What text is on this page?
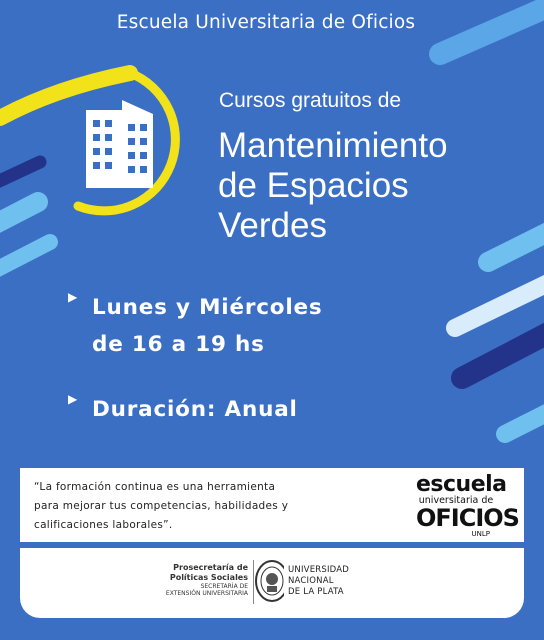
Escuela Universitaria de Oficios
Cursos gratuitos de
Mantenimiento
de Espacios
Verdes
▶ Lunes y Miércoles
de 16 a 19 hs
▶ Duración: Anual
“La formación continua es una herramienta
para mejorar tus competencias, habilidades y
calificaciones laborales”.
escuela
universitaria de
OFICIOS
UNLP
Prosecretaría de
Políticas Sociales
SECRETARÍA DE
EXTENSIÓN UNIVERSITARIA
UNIVERSIDAD
NACIONAL
DE LA PLATA
